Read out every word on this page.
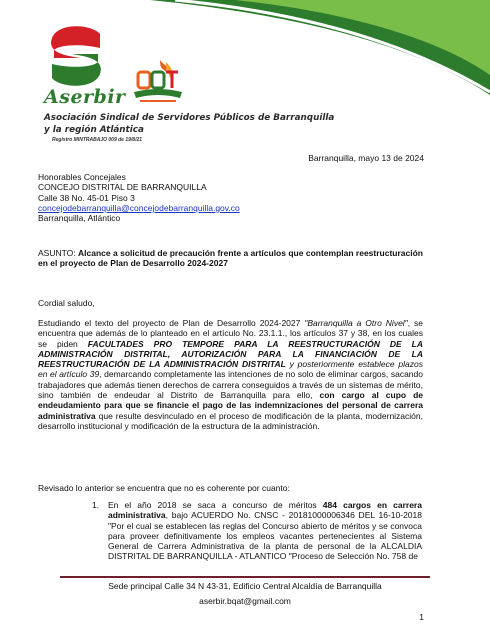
Aserbir
Asociación Sindical de Servidores Públicos de Barranquilla
y la región Atlántica
Registro MINTRABAJO 009 de 19/8/21
Barranquilla, mayo 13 de 2024
Honorables Concejales
CONCEJO DISTRITAL DE BARRANQUILLA
Calle 38 No. 45-01 Piso 3
concejodebarranquilla@concejodebarranquilla.gov.co
Barranquilla, Atlántico
ASUNTO: Alcance a solicitud de precaución frente a artículos que contemplan reestructuración en el proyecto de Plan de Desarrollo 2024-2027
Cordial saludo,
Estudiando el texto del proyecto de Plan de Desarrollo 2024-2027 "Barranquilla a Otro Nivel", se encuentra que además de lo planteado en el artículo No. 23.1.1., los artículos 37 y 38, en los cuales se piden FACULTADES PRO TEMPORE PARA LA REESTRUCTURACIÓN DE LA ADMINISTRACIÓN DISTRITAL, AUTORIZACIÓN PARA LA FINANCIACIÓN DE LA REESTRUCTURACIÓN DE LA ADMINISTRACIÓN DISTRITAL y posteriormente establece plazos en el artículo 39, demarcando completamente las intenciones de no solo de eliminar cargos, sacando trabajadores que además tienen derechos de carrera conseguidos a través de un sistemas de mérito, sino también de endeudar al Distrito de Barranquilla para ello, con cargo al cupo de endeudamiento para que se financie el pago de las indemnizaciones del personal de carrera administrativa que resulte desvinculado en el proceso de modificación de la planta, modernización, desarrollo institucional y modificación de la estructura de la administración.
Revisado lo anterior se encuentra que no es coherente por cuanto:
1. En el año 2018 se saca a concurso de méritos 484 cargos en carrera administrativa, bajo ACUERDO No. CNSC - 20181000006346 DEL 16-10-2018 "Por el cual se establecen las reglas del Concurso abierto de méritos y se convoca para proveer definitivamente los empleos vacantes pertenecientes al Sistema General de Carrera Administrativa de la planta de personal de la ALCALDIA DISTRITAL DE BARRANQUILLA - ATLANTICO "Proceso de Selección No. 758 de
Sede principal Calle 34 N 43-31, Edificio Central Alcaldía de Barranquilla
aserbir.bqat@gmail.com
1
